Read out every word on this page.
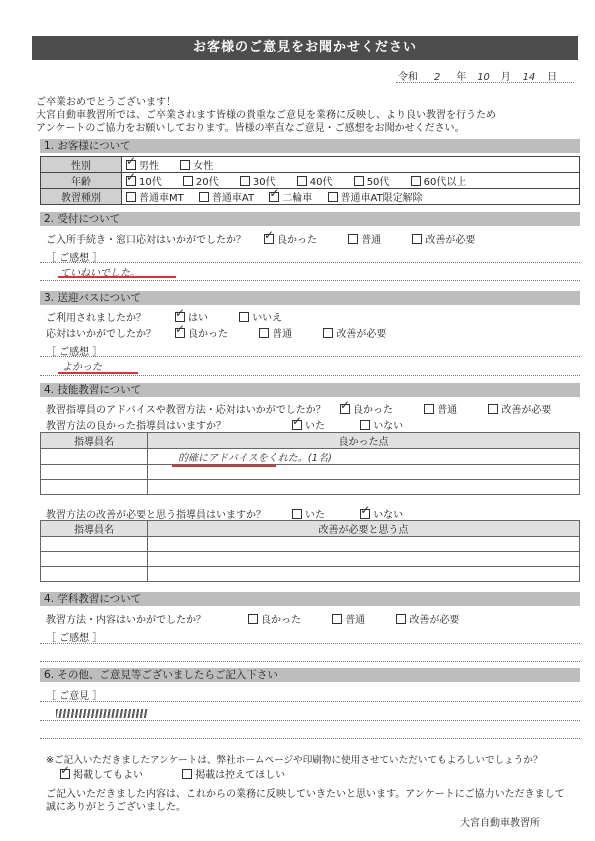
お客様のご意見をお聞かせください
令和 2 年 10 月 14 日
ご卒業おめでとうございます！
大宮自動車教習所では、ご卒業されます皆様の貴重なご意見を業務に反映し、より良い教習を行うため
アンケートのご協力をお願いしております。皆様の率直なご意見・ご感想をお聞かせください。
1. お客様について
性別	✓男性 女性
年齢	✓10代 20代 30代 40代 50代 60代以上
教習種別	普通車MT 普通車AT ✓ 二輪車 普通車AT限定解除
2. 受付について
ご入所手続き・窓口応対はいかがでしたか？ ✓	良かった	普通	改善が必要
［ ご感想 ］
ていねいでした。
3. 送迎バスについて
ご利用されましたか？ ✓	はい	いいえ
応対はいかがでしたか？ ✓	良かった	普通	改善が必要
［ ご感想 ］
よかった
4. 技能教習について
教習指導員のアドバイスや教習方法・応対はいかがでしたか？ ✓	良かった	普通	改善が必要
教習方法の良かった指導員はいますか？ ✓	いた	いない
指導員名	良かった点
	的確にアドバイスをくれた。(1名)

教習方法の改善が必要と思う指導員はいますか？	いた ✓	いない
指導員名	改善が必要と思う点

4. 学科教習について
教習方法・内容はいかがでしたか？	良かった	普通	改善が必要
［ ご感想 ］
6. その他、ご意見等ございましたらご記入下さい
［ ご意見 ］
※ご記入いただきましたアンケートは、弊社ホームページや印刷物に使用させていただいてもよろしいでしょうか？
✓掲載してもよい	掲載は控えてほしい
ご記入いただきました内容は、これからの業務に反映していきたいと思います。アンケートにご協力いただきまして
誠にありがとうございました。
大宮自動車教習所
